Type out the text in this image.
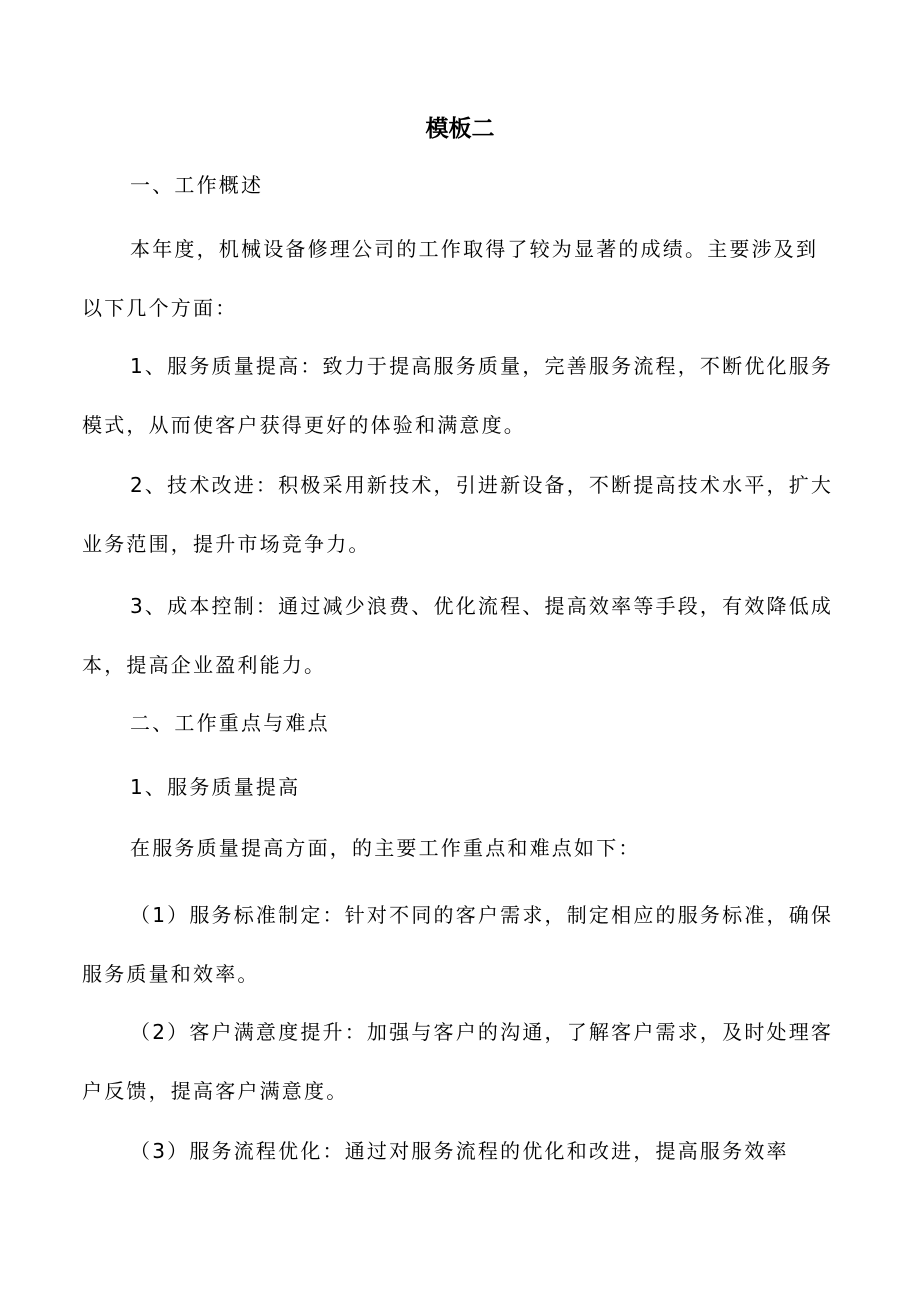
模板二

一、工作概述

本年度，机械设备修理公司的工作取得了较为显著的成绩。主要涉及到以下几个方面：

1、服务质量提高：致力于提高服务质量，完善服务流程，不断优化服务模式，从而使客户获得更好的体验和满意度。

2、技术改进：积极采用新技术，引进新设备，不断提高技术水平，扩大业务范围，提升市场竞争力。

3、成本控制：通过减少浪费、优化流程、提高效率等手段，有效降低成本，提高企业盈利能力。

二、工作重点与难点

1、服务质量提高

在服务质量提高方面，的主要工作重点和难点如下：

（1）服务标准制定：针对不同的客户需求，制定相应的服务标准，确保服务质量和效率。

（2）客户满意度提升：加强与客户的沟通，了解客户需求，及时处理客户反馈，提高客户满意度。

（3）服务流程优化：通过对服务流程的优化和改进，提高服务效率
